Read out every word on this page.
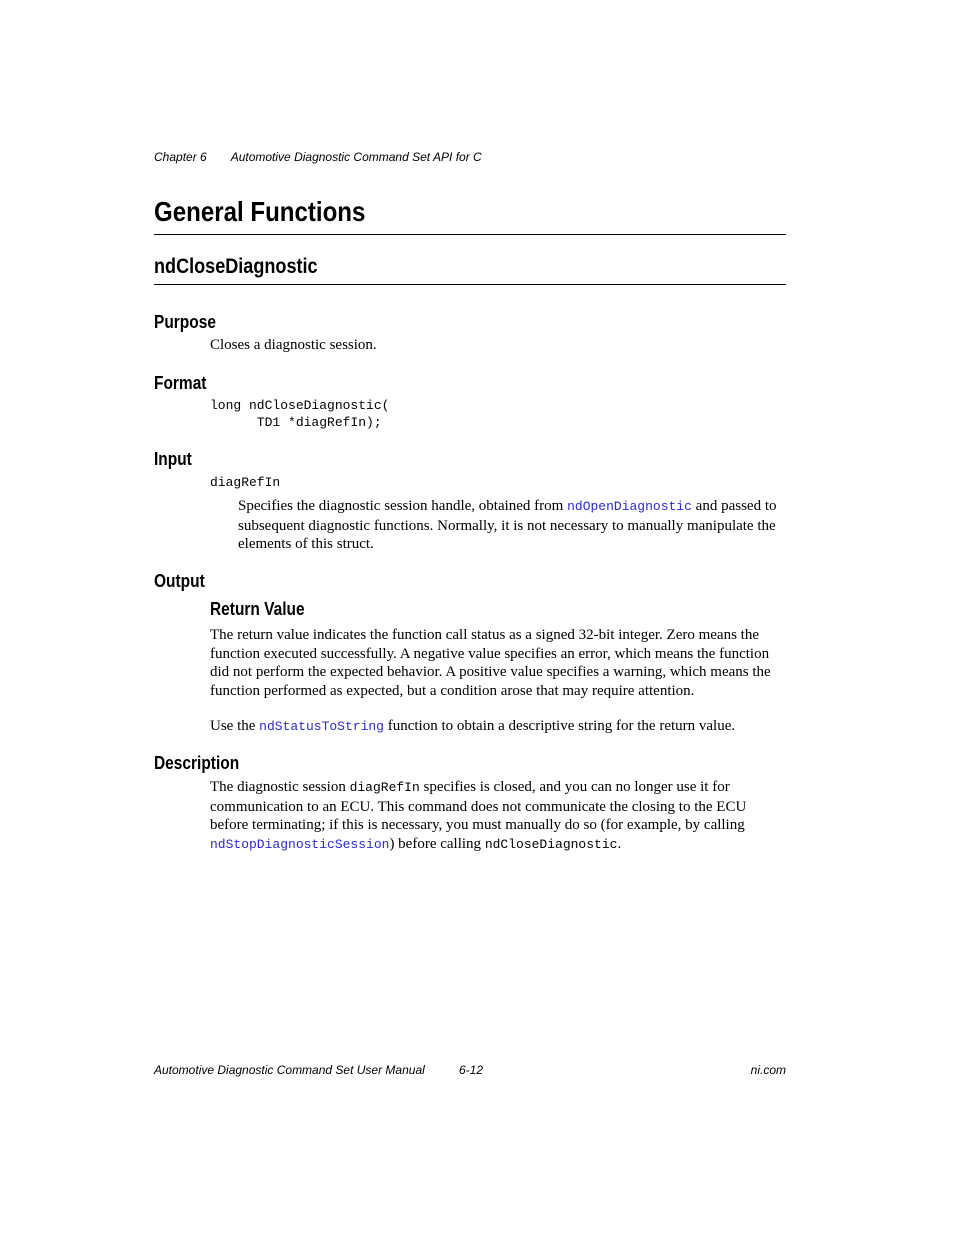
Chapter 6 Automotive Diagnostic Command Set API for C
General Functions
ndCloseDiagnostic
Purpose
Closes a diagnostic session.
Format
long ndCloseDiagnostic(
TD1 *diagRefIn);
Input
diagRefIn
Specifies the diagnostic session handle, obtained from ndOpenDiagnostic and passed to subsequent diagnostic functions. Normally, it is not necessary to manually manipulate the elements of this struct.
Output
Return Value
The return value indicates the function call status as a signed 32-bit integer. Zero means the function executed successfully. A negative value specifies an error, which means the function did not perform the expected behavior. A positive value specifies a warning, which means the function performed as expected, but a condition arose that may require attention.
Use the ndStatusToString function to obtain a descriptive string for the return value.
Description
The diagnostic session diagRefIn specifies is closed, and you can no longer use it for communication to an ECU. This command does not communicate the closing to the ECU before terminating; if this is necessary, you must manually do so (for example, by calling ndStopDiagnosticSession) before calling ndCloseDiagnostic.
Automotive Diagnostic Command Set User Manual	6-12	ni.com
